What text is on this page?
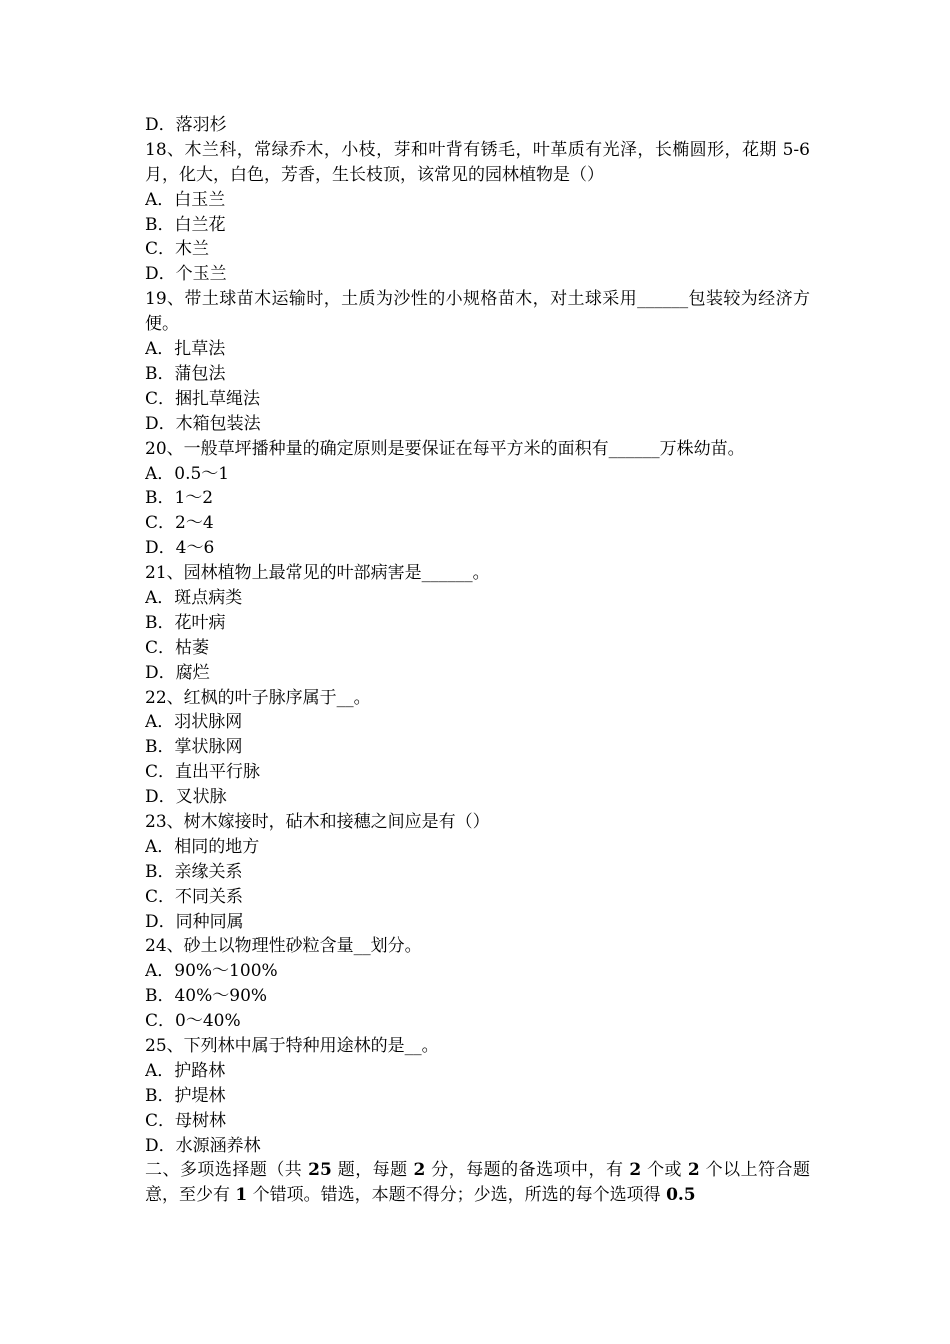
D．落羽杉
18、木兰科，常绿乔木，小枝，芽和叶背有锈毛，叶革质有光泽，长椭圆形，花期 5-6 月，化大，白色，芳香，生长枝顶，该常见的园林植物是（）
A．白玉兰
B．白兰花
C．木兰
D．个玉兰
19、带土球苗木运输时，土质为沙性的小规格苗木，对土球采用______包装较为经济方便。
A．扎草法
B．蒲包法
C．捆扎草绳法
D．木箱包装法
20、一般草坪播种量的确定原则是要保证在每平方米的面积有______万株幼苗。
A．0.5～1
B．1～2
C．2～4
D．4～6
21、园林植物上最常见的叶部病害是______。
A．斑点病类
B．花叶病
C．枯萎
D．腐烂
22、红枫的叶子脉序属于__。
A．羽状脉网
B．掌状脉网
C．直出平行脉
D．叉状脉
23、树木嫁接时，砧木和接穗之间应是有（）
A．相同的地方
B．亲缘关系
C．不同关系
D．同种同属
24、砂土以物理性砂粒含量__划分。
A．90%～100%
B．40%～90%
C．0～40%
25、下列林中属于特种用途林的是__。
A．护路林
B．护堤林
C．母树林
D．水源涵养林
二、多项选择题（共 25 题，每题 2 分，每题的备选项中，有 2 个或 2 个以上符合题意，至少有 1 个错项。错选，本题不得分；少选，所选的每个选项得 0.5
